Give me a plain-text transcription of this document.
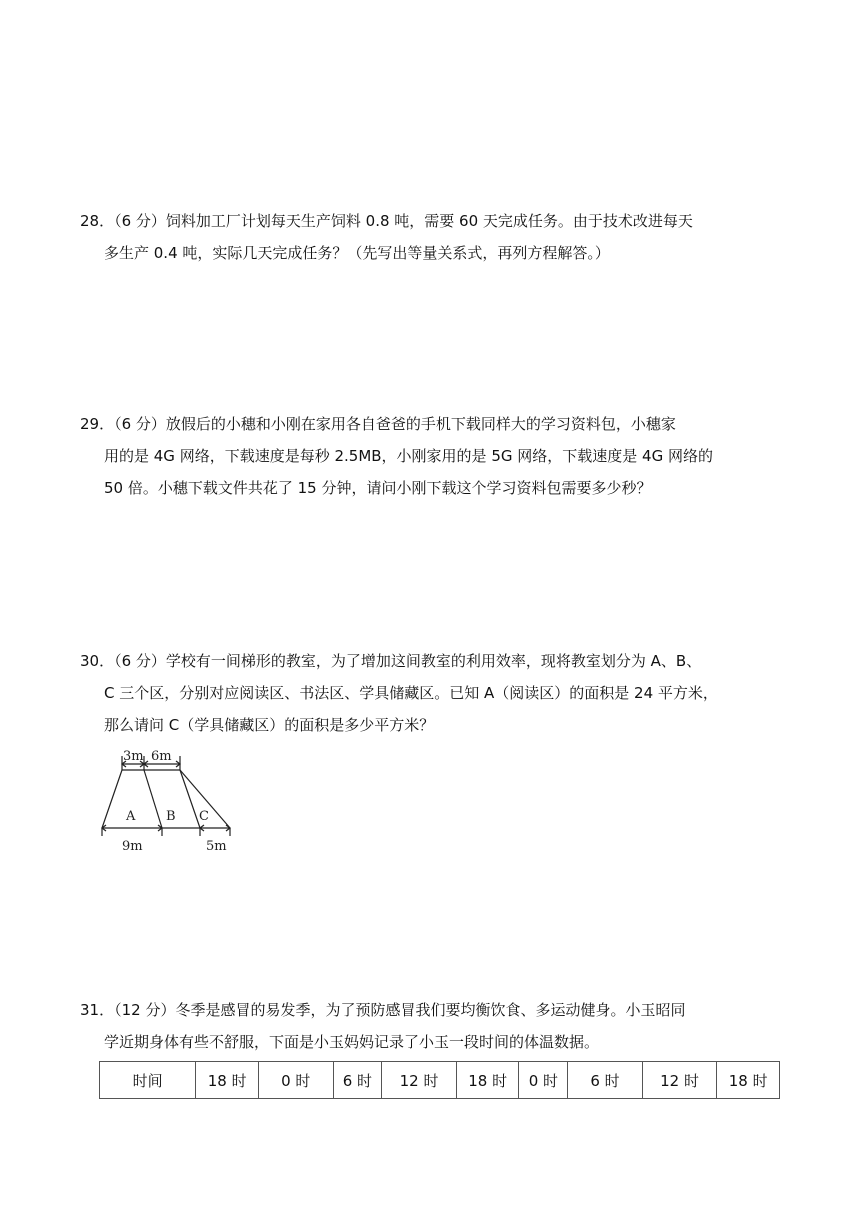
28．（6 分）饲料加工厂计划每天生产饲料 0.8 吨，需要 60 天完成任务。由于技术改进每天
多生产 0.4 吨，实际几天完成任务？（先写出等量关系式，再列方程解答。）
29．（6 分）放假后的小穗和小刚在家用各自爸爸的手机下载同样大的学习资料包，小穗家
用的是 4G 网络，下载速度是每秒 2.5MB，小刚家用的是 5G 网络，下载速度是 4G 网络的
50 倍。小穗下载文件共花了 15 分钟，请问小刚下载这个学习资料包需要多少秒？
30．（6 分）学校有一间梯形的教室，为了增加这间教室的利用效率，现将教室划分为 A、B、
C 三个区，分别对应阅读区、书法区、学具储藏区。已知 A（阅读区）的面积是 24 平方米，
那么请问 C（学具储藏区）的面积是多少平方米？
3m 6m
A B C
9m	5m
31．（12 分）冬季是感冒的易发季，为了预防感冒我们要均衡饮食、多运动健身。小玉昭同
学近期身体有些不舒服，下面是小玉妈妈记录了小玉一段时间的体温数据。
时间	18 时	0 时	6 时	12 时	18 时	0 时	6 时	12 时	18 时
